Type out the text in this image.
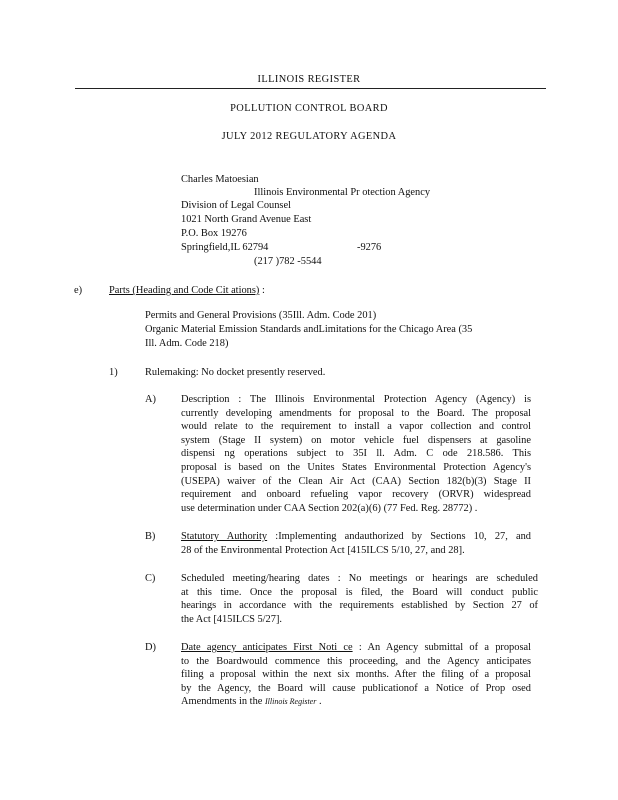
ILLINOIS REGISTER
POLLUTION CONTROL BOARD
JULY 2012 REGULATORY AGENDA
Charles Matoesian
Illinois Environmental Pr otection Agency
Division of Legal Counsel
1021 North Grand Avenue East
P.O. Box 19276
Springfield,IL 62794	-9276
(217 )782 -5544
e)	Parts (Heading and Code Cit ations) :
Permits and General Provisions (35Ill. Adm. Code 201)
Organic Material Emission Standards andLimitations for the Chicago Area (35
Ill. Adm. Code 218)
1)	Rulemaking: No docket presently reserved.
A) Description : The Illinois Environmental Protection Agency (Agency) is
currently developing amendments for proposal to the Board. The proposal
would relate to the requirement to install a vapor collection and control
system (Stage II system) on motor vehicle fuel dispensers at gasoline
dispensi ng operations subject to 35I ll. Adm. C ode 218.586. This
proposal is based on the Unites States Environmental Protection Agency's
(USEPA) waiver of the Clean Air Act (CAA) Section 182(b)(3) Stage II
requirement and onboard refueling vapor recovery (ORVR) widespread
use determination under CAA Section 202(a)(6) (77 Fed. Reg. 28772) .
B) Statutory Authority :Implementing andauthorized by Sections 10, 27, and
28 of the Environmental Protection Act [415ILCS 5/10, 27, and 28].
C) Scheduled meeting/hearing dates : No meetings or hearings are scheduled
at this time. Once the proposal is filed, the Board will conduct public
hearings in accordance with the requirements established by Section 27 of
the Act [415ILCS 5/27].
D) Date agency anticipates First Noti ce : An Agency submittal of a proposal
to the Boardwould commence this proceeding, and the Agency anticipates
filing a proposal within the next six months. After the filing of a proposal
by the Agency, the Board will cause publicationof a Notice of Prop osed
Amendments in the Illinois Register .
